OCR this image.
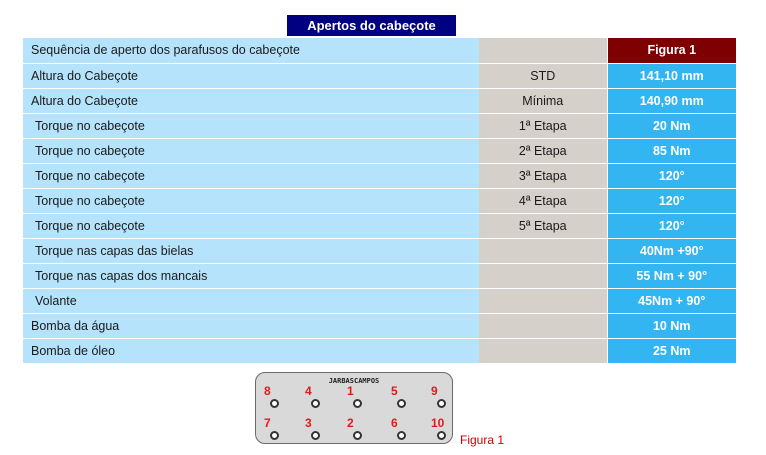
Apertos do cabeçote
Sequência de aperto dos parafusos do cabeçote		Figura 1
Altura do Cabeçote	STD	141,10 mm
Altura do Cabeçote	Mínima	140,90 mm
Torque no cabeçote	1ª Etapa	20 Nm
Torque no cabeçote	2ª Etapa	85 Nm
Torque no cabeçote	3ª Etapa	120°
Torque no cabeçote	4ª Etapa	120°
Torque no cabeçote	5ª Etapa	120°
Torque nas capas das bielas		40Nm +90°
Torque nas capas dos mancais		55 Nm + 90°
Volante		45Nm + 90°
Bomba da água		10 Nm
Bomba de óleo		25 Nm
JARBASCAMPOS
8	4	1	5	9
7	3	2	6	10
Figura 1
